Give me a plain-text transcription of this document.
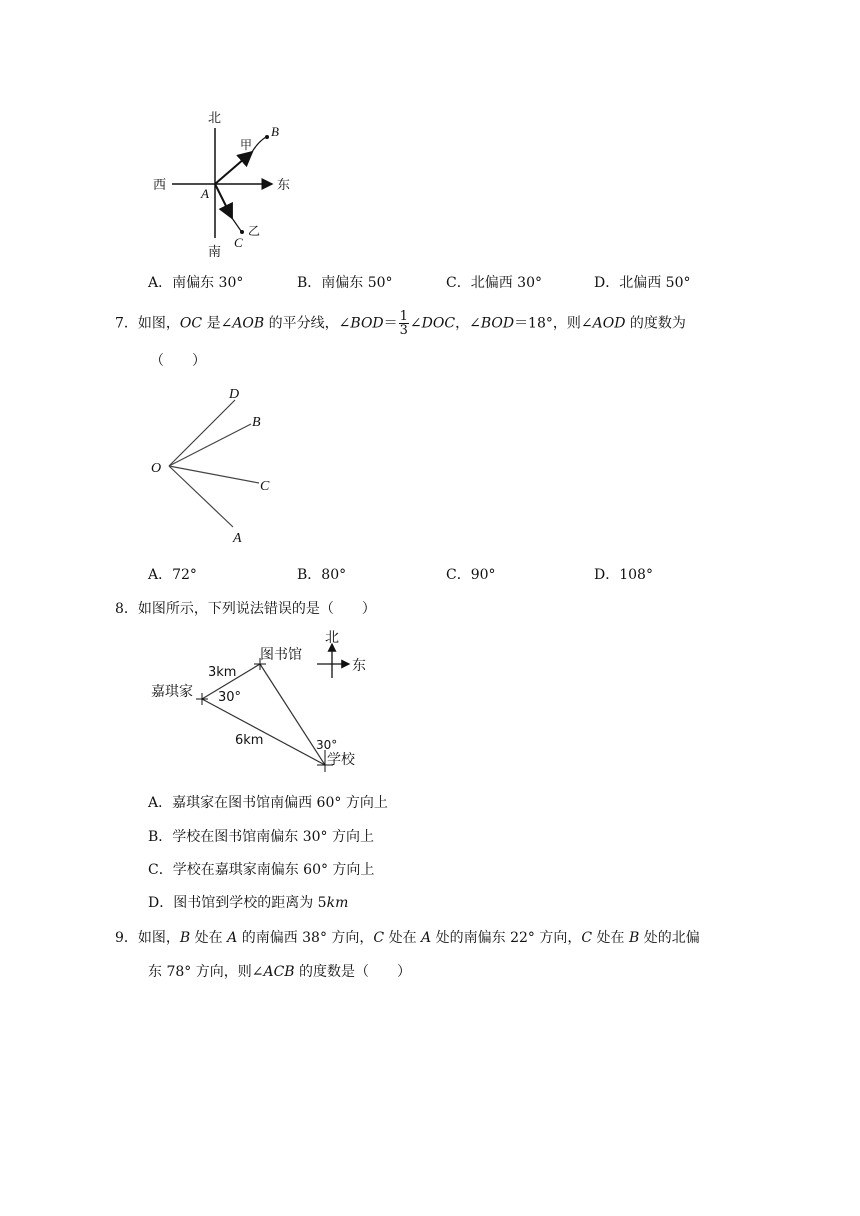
北
南
西	东
A
B
C
甲
乙
A．南偏东 30°	B．南偏东 50°	C．北偏西 30°	D．北偏西 50°
7．如图，OC 是∠AOB 的平分线，∠BOD＝ $\frac{1}{3}$ ∠DOC，∠BOD＝18°，则∠AOD 的度数为
（　　）
O
D
B
C
A
A．72°	B．80°	C．90°	D．108°
8．如图所示，下列说法错误的是（　　）
北
东
图书馆
嘉琪家
学校
3km
6km
30°
30°
A．嘉琪家在图书馆南偏西 60° 方向上
B．学校在图书馆南偏东 30° 方向上
C．学校在嘉琪家南偏东 60° 方向上
D．图书馆到学校的距离为 5km
9．如图，B 处在 A 的南偏西 38° 方向，C 处在 A 处的南偏东 22° 方向，C 处在 B 处的北偏
东 78° 方向，则∠ACB 的度数是（　　）
